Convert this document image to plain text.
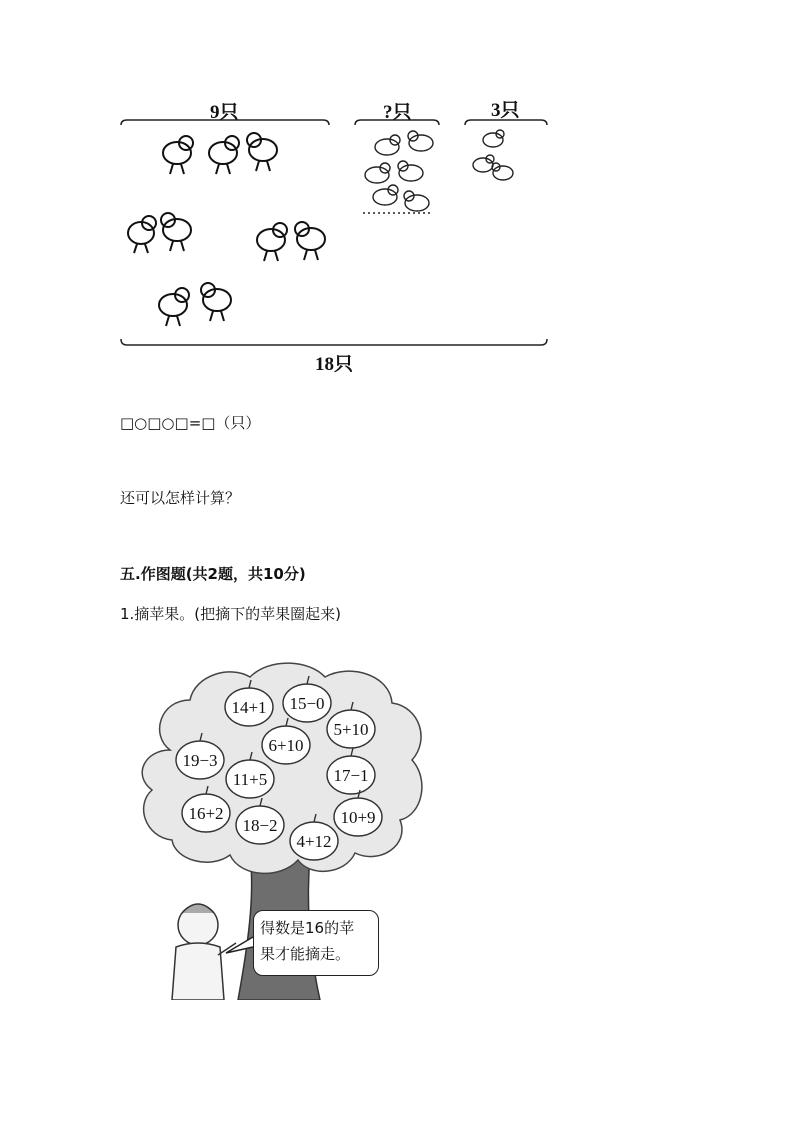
9只	?只	3只
18只
□○□○□=□（只）
还可以怎样计算？
五.作图题(共2题，共10分)
1.摘苹果。(把摘下的苹果圈起来)
14+1 15−0
5+10
6+10
19−3
11+5	17−1
16+2
18−2	10+9
4+12
得数是16的苹
果才能摘走。
